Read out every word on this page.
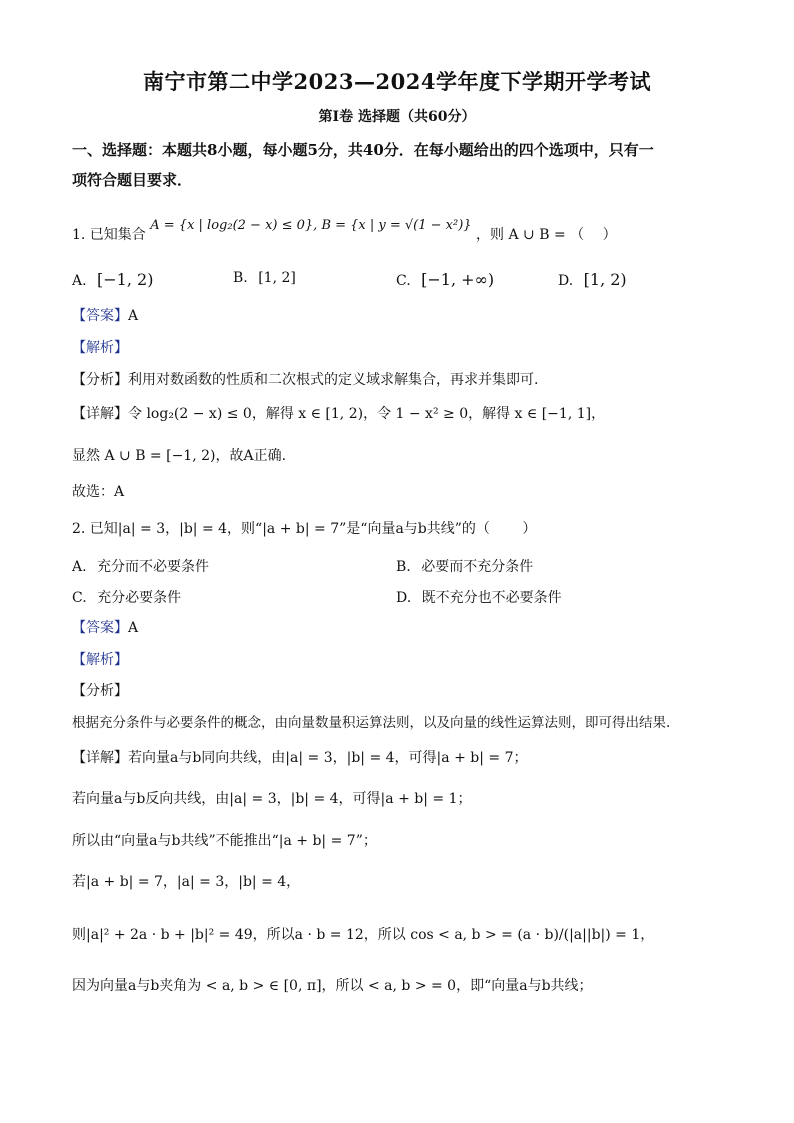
南宁市第二中学2023—2024学年度下学期开学考试
第Ⅰ卷 选择题（共60分）
一、选择题：本题共8小题，每小题5分，共40分．在每小题给出的四个选项中，只有一
项符合题目要求．
1. 已知集合 A = {x | log₂(2 − x) ≤ 0}, B = {x | y = √(1 − x²)} ，则 A ∪ B = （　 ）
A. [−1, 2)	B. [1, 2]	C. [−1, +∞)	D. [1, 2)
【答案】A
【解析】
【分析】利用对数函数的性质和二次根式的定义域求解集合，再求并集即可.
【详解】令 log₂(2 − x) ≤ 0，解得 x ∈ [1, 2)，令 1 − x² ≥ 0，解得 x ∈ [−1, 1]，
显然 A ∪ B = [−1, 2)，故A正确.
故选：A
2. 已知|a| = 3，|b| = 4，则“|a + b| = 7”是“向量a与b共线”的（　　 ）
A. 充分而不必要条件	B. 必要而不充分条件
C. 充分必要条件	D. 既不充分也不必要条件
【答案】A
【解析】
【分析】
根据充分条件与必要条件的概念，由向量数量积运算法则，以及向量的线性运算法则，即可得出结果.
【详解】若向量a与b同向共线，由|a| = 3，|b| = 4，可得|a + b| = 7；
若向量a与b反向共线，由|a| = 3，|b| = 4，可得|a + b| = 1；
所以由“向量a与b共线”不能推出“|a + b| = 7”；
若|a + b| = 7，|a| = 3，|b| = 4，
则|a|² + 2a · b + |b|² = 49，所以a · b = 12，所以 cos < a, b > = (a · b)/(|a||b|) = 1，
因为向量a与b夹角为 < a, b > ∈ [0, π]，所以 < a, b > = 0，即“向量a与b共线；
